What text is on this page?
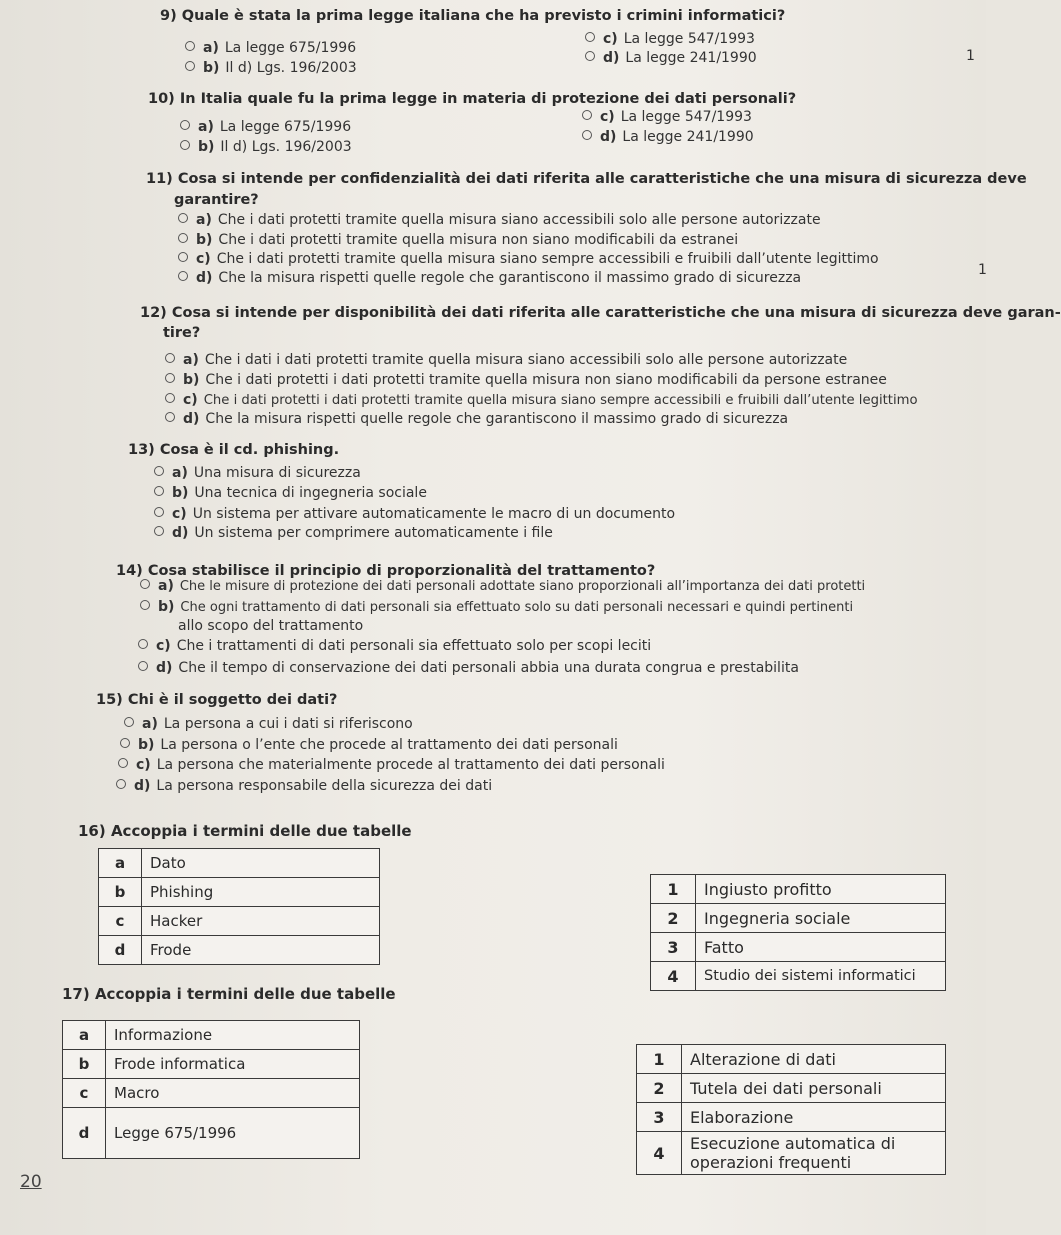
9) Quale è stata la prima legge italiana che ha previsto i crimini informatici?
a) La legge 675/1996
b) Il d) Lgs. 196/2003
c) La legge 547/1993
d) La legge 241/1990	1
10) In Italia quale fu la prima legge in materia di protezione dei dati personali?
a) La legge 675/1996
b) Il d) Lgs. 196/2003
c) La legge 547/1993
d) La legge 241/1990
11) Cosa si intende per confidenzialità dei dati riferita alle caratteristiche che una misura di sicurezza deve
garantire?
a) Che i dati protetti tramite quella misura siano accessibili solo alle persone autorizzate
b) Che i dati protetti tramite quella misura non siano modificabili da estranei
c) Che i dati protetti tramite quella misura siano sempre accessibili e fruibili dall’utente legittimo
d) Che la misura rispetti quelle regole che garantiscono il massimo grado di sicurezza	1
12) Cosa si intende per disponibilità dei dati riferita alle caratteristiche che una misura di sicurezza deve garan-
tire?
a) Che i dati i dati protetti tramite quella misura siano accessibili solo alle persone autorizzate
b) Che i dati protetti i dati protetti tramite quella misura non siano modificabili da persone estranee
c) Che i dati protetti i dati protetti tramite quella misura siano sempre accessibili e fruibili dall’utente legittimo
d) Che la misura rispetti quelle regole che garantiscono il massimo grado di sicurezza
13) Cosa è il cd. phishing.
a) Una misura di sicurezza
b) Una tecnica di ingegneria sociale
c) Un sistema per attivare automaticamente le macro di un documento
d) Un sistema per comprimere automaticamente i file
14) Cosa stabilisce il principio di proporzionalità del trattamento?
a) Che le misure di protezione dei dati personali adottate siano proporzionali all’importanza dei dati protetti
b) Che ogni trattamento di dati personali sia effettuato solo su dati personali necessari e quindi pertinenti
allo scopo del trattamento
c) Che i trattamenti di dati personali sia effettuato solo per scopi leciti
d) Che il tempo di conservazione dei dati personali abbia una durata congrua e prestabilita
15) Chi è il soggetto dei dati?
a) La persona a cui i dati si riferiscono
b) La persona o l’ente che procede al trattamento dei dati personali
c) La persona che materialmente procede al trattamento dei dati personali
d) La persona responsabile della sicurezza dei dati
16) Accoppia i termini delle due tabelle
a	Dato
b	Phishing
c	Hacker
d	Frode
1	Ingiusto profitto
2	Ingegneria sociale
3	Fatto
4	Studio dei sistemi informatici
17) Accoppia i termini delle due tabelle
a	Informazione
b	Frode informatica
c	Macro
d	Legge 675/1996
1	Alterazione di dati
2	Tutela dei dati personali
3	Elaborazione
4	Esecuzione automatica di
operazioni frequenti
20
